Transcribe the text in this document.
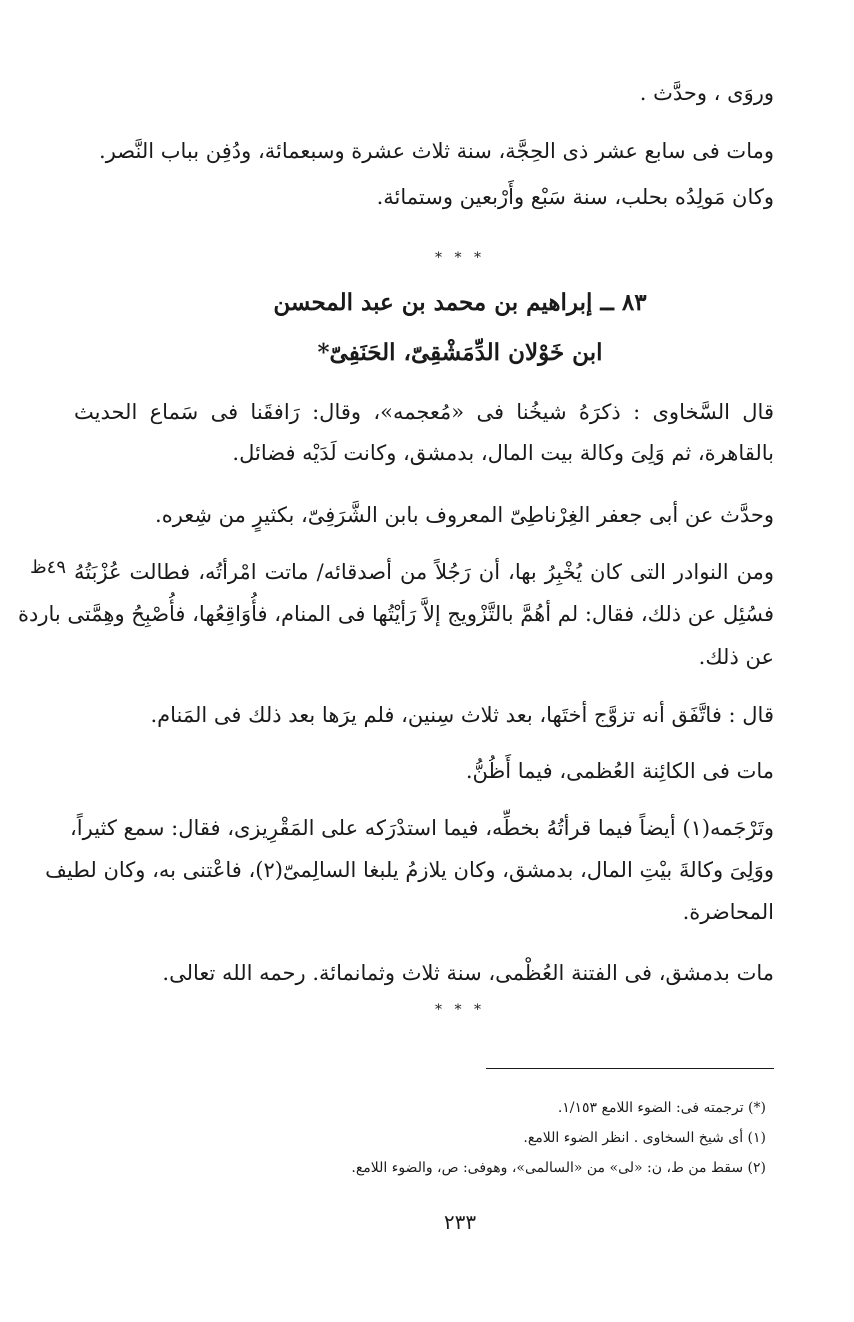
وروَى ، وحدَّث .
ومات فى سابع عشر ذى الحِجَّة، سنة ثلاث عشرة وسبعمائة، ودُفِن بباب النَّصر.
وكان مَولِدُه بحلب، سنة سَبْع وأَرْبعين وستمائة.
* * *
٨٣ ــ إبراهيم بن محمد بن عبد المحسن
ابن خَوْلان الدِّمَشْقِىّ، الحَنَفِىّ*
قال السَّخاوى : ذكرَهُ شيخُنا فى «مُعجمه»، وقال: رَافقَنا فى سَماع الحديث
بالقاهرة، ثم وَلِىَ وكالة بيت المال، بدمشق، وكانت لَدَيْه فضائل.
وحدَّث عن أبى جعفر الغِرْناطِىّ المعروف بابن الشَّرَفِىّ، بكثيرٍ من شِعره.
٤٩ظ ومن النوادر التى كان يُخْبِرُ بها، أن رَجُلاً من أصدقائه/ ماتت امْرأتُه، فطالت عُزْبَتُهُ
فسُئِل عن ذلك، فقال: لم أهُمَّ بالتَّزْويج إلاَّ رَأيْتُها فى المنام، فأُوَاقِعُها، فأُصْبِحُ وهِمَّتى باردة
عن ذلك.
قال : فاتَّفَق أنه تزوَّج أختَها، بعد ثلاث سِنين، فلم يرَها بعد ذلك فى المَنام.
مات فى الكائِنة العُظمى، فيما أَظُنُّ.
وتَرْجَمه(١) أيضاً فيما قرأتُهُ بخطِّه، فيما استدْرَكه على المَقْرِيزى، فقال: سمع كثيراً،
ووَلِىَ وكالةَ بيْتِ المال، بدمشق، وكان يلازمُ يلبغا السالِمىّ(٢)، فاعْتنى به، وكان لطيف
المحاضرة.
مات بدمشق، فى الفتنة العُظْمى، سنة ثلاث وثمانمائة. رحمه الله تعالى.
* * *
(*) ترجمته فى: الضوء اللامع ١/١٥٣.
(١) أى شيخ السخاوى . انظر الضوء اللامع.
(٢) سقط من ط، ن: «لى» من «السالمى»، وهوفى: ص، والضوء اللامع.
٢٣٣
